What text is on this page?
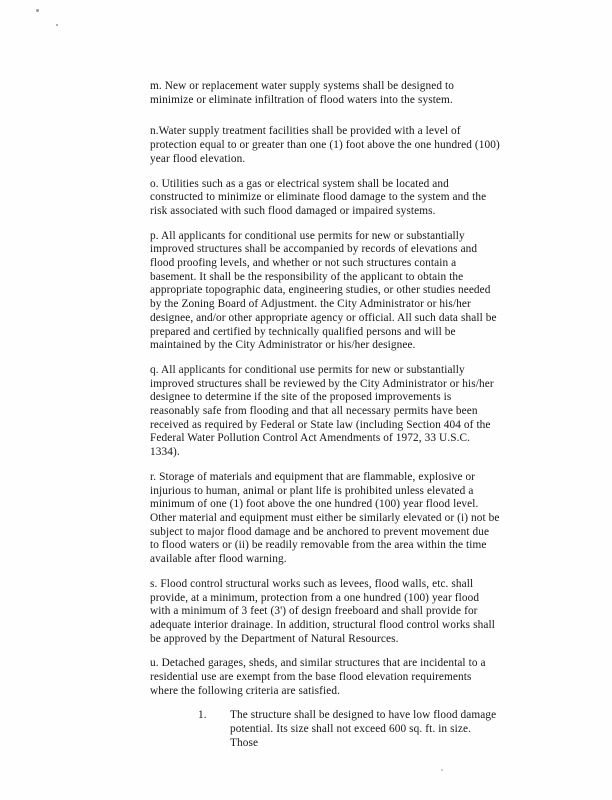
m. New or replacement water supply systems shall be designed to minimize or eliminate infiltration of flood waters into the system.

n.Water supply treatment facilities shall be provided with a level of protection equal to or greater than one (1) foot above the one hundred (100) year flood elevation.

o. Utilities such as a gas or electrical system shall be located and constructed to minimize or eliminate flood damage to the system and the risk associated with such flood damaged or impaired systems.

p. All applicants for conditional use permits for new or substantially improved structures shall be accompanied by records of elevations and flood proofing levels, and whether or not such structures contain a basement. It shall be the responsibility of the applicant to obtain the appropriate topographic data, engineering studies, or other studies needed by the Zoning Board of Adjustment. the City Administrator or his/her designee, and/or other appropriate agency or official. All such data shall be prepared and certified by technically qualified persons and will be maintained by the City Administrator or his/her designee.

q. All applicants for conditional use permits for new or substantially improved structures shall be reviewed by the City Administrator or his/her designee to determine if the site of the proposed improvements is reasonably safe from flooding and that all necessary permits have been received as required by Federal or State law (including Section 404 of the Federal Water Pollution Control Act Amendments of 1972, 33 U.S.C. 1334).

r. Storage of materials and equipment that are flammable, explosive or injurious to human, animal or plant life is prohibited unless elevated a minimum of one (1) foot above the one hundred (100) year flood level. Other material and equipment must either be similarly elevated or (i) not be subject to major flood damage and be anchored to prevent movement due to flood waters or (ii) be readily removable from the area within the time available after flood warning.

s. Flood control structural works such as levees, flood walls, etc. shall provide, at a minimum, protection from a one hundred (100) year flood with a minimum of 3 feet (3') of design freeboard and shall provide for adequate interior drainage. In addition, structural flood control works shall be approved by the Department of Natural Resources.

u. Detached garages, sheds, and similar structures that are incidental to a residential use are exempt from the base flood elevation requirements where the following criteria are satisfied.

1.	The structure shall be designed to have low flood damage potential. Its size shall not exceed 600 sq. ft. in size. Those
